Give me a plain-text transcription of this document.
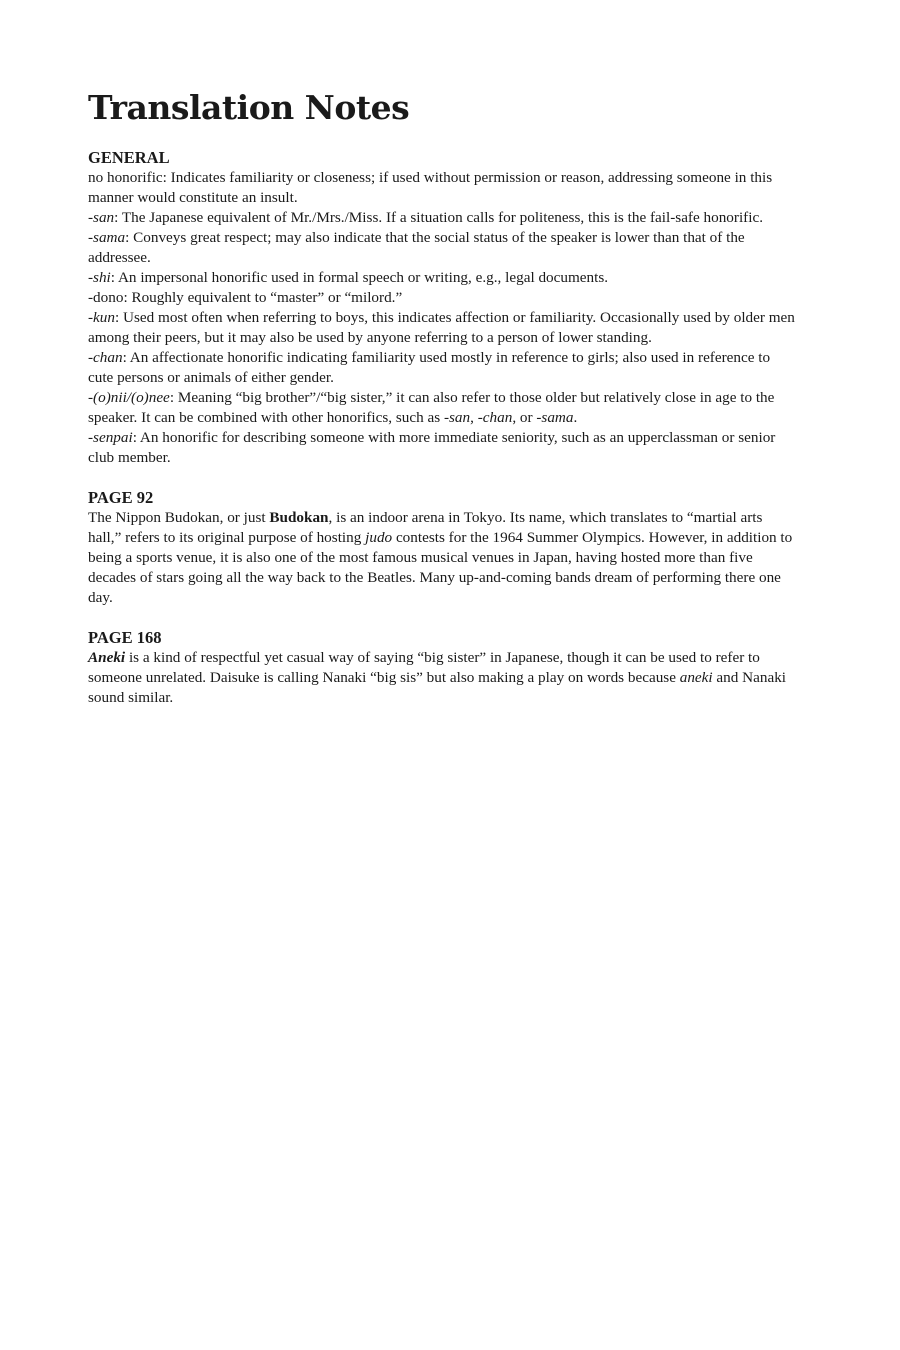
Translation Notes
GENERAL

no honorific: Indicates familiarity or closeness; if used without permission or reason, addressing someone in this manner would constitute an insult.

-san: The Japanese equivalent of Mr./Mrs./Miss. If a situation calls for politeness, this is the fail-safe honorific.

-sama: Conveys great respect; may also indicate that the social status of the speaker is lower than that of the addressee.

-shi: An impersonal honorific used in formal speech or writing, e.g., legal documents.

-dono: Roughly equivalent to “master” or “milord.”

-kun: Used most often when referring to boys, this indicates affection or familiarity. Occasionally used by older men among their peers, but it may also be used by anyone referring to a person of lower standing.

-chan: An affectionate honorific indicating familiarity used mostly in reference to girls; also used in reference to cute persons or animals of either gender.

-(o)nii/(o)nee: Meaning “big brother”/“big sister,” it can also refer to those older but relatively close in age to the speaker. It can be combined with other honorifics, such as -san, -chan, or -sama.

-senpai: An honorific for describing someone with more immediate seniority, such as an upperclassman or senior club member.

PAGE 92

The Nippon Budokan, or just Budokan, is an indoor arena in Tokyo. Its name, which translates to “martial arts hall,” refers to its original purpose of hosting judo contests for the 1964 Summer Olympics. However, in addition to being a sports venue, it is also one of the most famous musical venues in Japan, having hosted more than five decades of stars going all the way back to the Beatles. Many up-and-coming bands dream of performing there one day.

PAGE 168

Aneki is a kind of respectful yet casual way of saying “big sister” in Japanese, though it can be used to refer to someone unrelated. Daisuke is calling Nanaki “big sis” but also making a play on words because aneki and Nanaki sound similar.
